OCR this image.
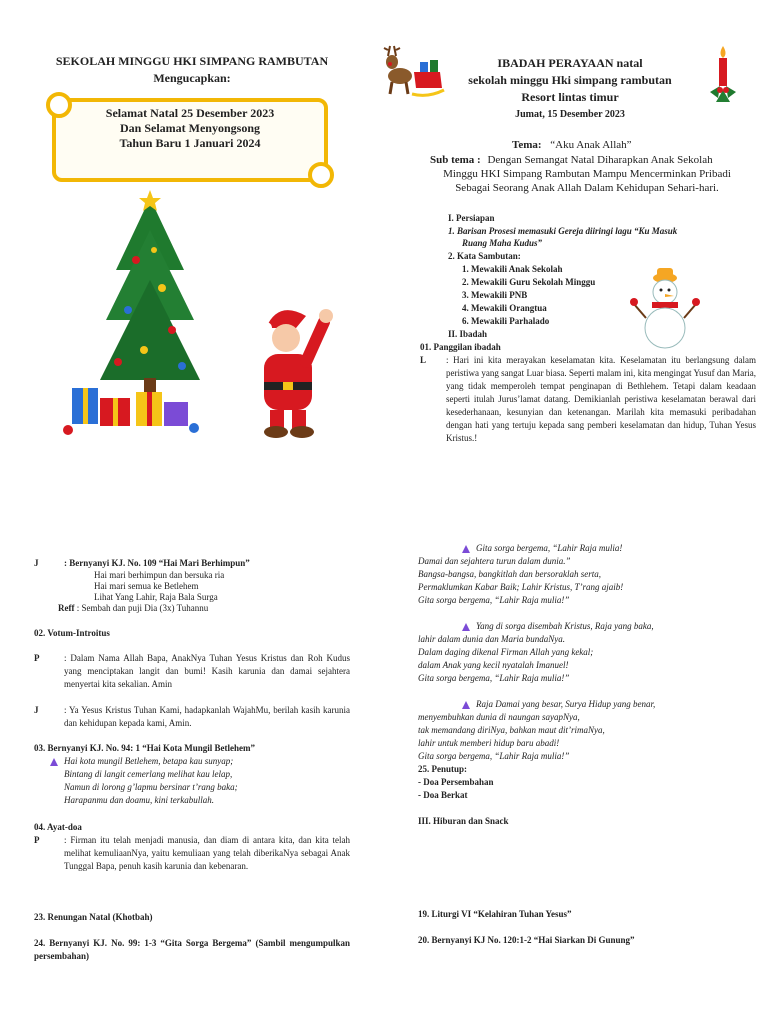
SEKOLAH MINGGU HKI SIMPANG RAMBUTAN
Mengucapkan:
Selamat Natal 25 Desember 2023
Dan Selamat Menyongsong
Tahun Baru 1 Januari 2024
IBADAH PERAYAAN natal
sekolah minggu Hki simpang rambutan
Resort lintas timur
Jumat, 15 Desember 2023
Tema: “Aku Anak Allah”
Sub tema : Dengan Semangat Natal Diharapkan Anak Sekolah
Minggu HKI Simpang Rambutan Mampu Mencerminkan Pribadi
Sebagai Seorang Anak Allah Dalam Kehidupan Sehari-hari.
I. Persiapan
1. Barisan Prosesi memasuki Gereja diiringi lagu “Ku Masuk
Ruang Maha Kudus”
2. Kata Sambutan:
1. Mewakili Anak Sekolah
2. Mewakili Guru Sekolah Minggu
3. Mewakili PNB
4. Mewakili Orangtua
6. Mewakili Parhalado
II. Ibadah
01. Panggilan ibadah
L : Hari ini kita merayakan keselamatan kita. Keselamatan itu berlangsung dalam peristiwa yang sangat Luar biasa. Seperti malam ini, kita mengingat Yusuf dan Maria, yang tidak memperoleh tempat penginapan di Bethlehem. Tetapi dalam keadaan seperti itulah Jurus’lamat datang. Demikianlah peristiwa keselamatan berawal dari kesederhanaan, kesunyian dan ketenangan. Marilah kita memasuki peribadahan dengan hati yang tertuju kepada sang pemberi keselamatan dan hidup, Tuhan Yesus Kristus.!
J	: Bernyanyi KJ. No. 109 “Hai Mari Berhimpun”
Hai mari berhimpun dan bersuka ria
Hai mari semua ke Betlehem
Lihat Yang Lahir, Raja Bala Surga
Reff : Sembah dan puji Dia (3x) Tuhannu
02. Votum-Introitus
P	: Dalam Nama Allah Bapa, AnakNya Tuhan Yesus Kristus dan Roh Kudus yang menciptakan langit dan bumi! Kasih karunia dan damai sejahtera menyertai kita sekalian. Amin
J	: Ya Yesus Kristus Tuhan Kami, hadapkanlah WajahMu, berilah kasih karunia dan kehidupan kepada kami, Amin.
03. Bernyanyi KJ. No. 94: 1 “Hai Kota Mungil Betlehem”
Hai kota mungil Betlehem, betapa kau sunyap;
Bintang di langit cemerlang melihat kau lelap,
Namun di lorong g’lapmu bersinar t’rang baka;
Harapanmu dan doamu, kini terkabullah.
04. Ayat-doa
P	: Firman itu telah menjadi manusia, dan diam di antara kita, dan kita telah melihat kemuliaanNya, yaitu kemuliaan yang telah diberikaNya sebagai Anak Tunggal Bapa, penuh kasih karunia dan kebenaran.
23. Renungan Natal (Khotbah)
24. Bernyanyi KJ. No. 99: 1-3 “Gita Sorga Bergema” (Sambil mengumpulkan persembahan)
Gita sorga bergema, “Lahir Raja mulia!
Damai dan sejahtera turun dalam dunia.”
Bangsa-bangsa, bangkitlah dan bersoraklah serta,
Permaklumkan Kabar Baik; Lahir Kristus, T’rang ajaib!
Gita sorga bergema, “Lahir Raja mulia!”
Yang di sorga disembah Kristus, Raja yang baka,
lahir dalam dunia dan Maria bundaNya.
Dalam daging dikenal Firman Allah yang kekal;
dalam Anak yang kecil nyatalah Imanuel!
Gita sorga bergema, “Lahir Raja mulia!”
Raja Damai yang besar, Surya Hidup yang benar,
menyembuhkan dunia di naungan sayapNya,
tak memandang diriNya, bahkan maut dit’rimaNya,
lahir untuk memberi hidup baru abadi!
Gita sorga bergema, “Lahir Raja mulia!”
25. Penutup:
- Doa Persembahan
- Doa Berkat
III. Hiburan dan Snack
19. Liturgi VI “Kelahiran Tuhan Yesus”
20. Bernyanyi KJ No. 120:1-2 “Hai Siarkan Di Gunung”
